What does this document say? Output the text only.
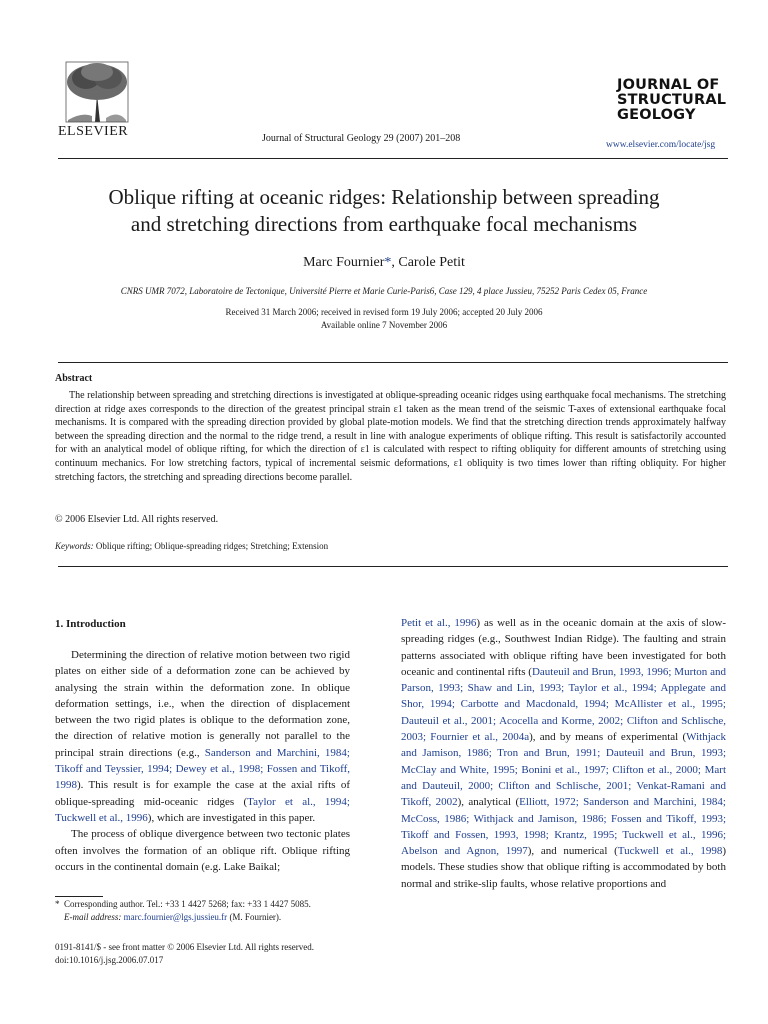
ELSEVIER	Journal of Structural Geology 29 (2007) 201–208
JOURNAL OF
STRUCTURAL
GEOLOGY
www.elsevier.com/locate/jsg
Oblique rifting at oceanic ridges: Relationship between spreading
and stretching directions from earthquake focal mechanisms
Marc Fournier*, Carole Petit
CNRS UMR 7072, Laboratoire de Tectonique, Université Pierre et Marie Curie-Paris6, Case 129, 4 place Jussieu, 75252 Paris Cedex 05, France
Received 31 March 2006; received in revised form 19 July 2006; accepted 20 July 2006
Available online 7 November 2006
Abstract

The relationship between spreading and stretching directions is investigated at oblique-spreading oceanic ridges using earthquake focal mechanisms. The stretching direction at ridge axes corresponds to the direction of the greatest principal strain ε1 taken as the mean trend of the seismic T-axes of extensional earthquake focal mechanisms. It is compared with the spreading direction provided by global plate-motion models. We find that the stretching direction trends approximately halfway between the spreading direction and the normal to the ridge trend, a result in line with analogue experiments of oblique rifting. This result is satisfactorily accounted for with an analytical model of oblique rifting, for which the direction of ε1 is calculated with respect to rifting obliquity for different amounts of stretching using continuum mechanics. For low stretching factors, typical of incremental seismic deformations, ε1 obliquity is two times lower than rifting obliquity. For higher stretching factors, the stretching and spreading directions become parallel.

© 2006 Elsevier Ltd. All rights reserved.
Keywords: Oblique rifting; Oblique-spreading ridges; Stretching; Extension
1. Introduction

Determining the direction of relative motion between two rigid plates on either side of a deformation zone can be achieved by analysing the strain within the deformation zone. In oblique deformation settings, i.e., when the direction of displacement between the two rigid plates is oblique to the deformation zone, the direction of relative motion is generally not parallel to the principal strain directions (e.g., Sanderson and Marchini, 1984; Tikoff and Teyssier, 1994; Dewey et al., 1998; Fossen and Tikoff, 1998). This result is for example the case at the axial rifts of oblique-spreading mid-oceanic ridges (Taylor et al., 1994; Tuckwell et al., 1996), which are investigated in this paper.

The process of oblique divergence between two tectonic plates often involves the formation of an oblique rift. Oblique rifting occurs in the continental domain (e.g. Lake Baikal;

Petit et al., 1996) as well as in the oceanic domain at the axis of slow-spreading ridges (e.g., Southwest Indian Ridge). The faulting and strain patterns associated with oblique rifting have been investigated for both oceanic and continental rifts (Dauteuil and Brun, 1993, 1996; Murton and Parson, 1993; Shaw and Lin, 1993; Taylor et al., 1994; Applegate and Shor, 1994; Carbotte and Macdonald, 1994; McAllister et al., 1995; Dauteuil et al., 2001; Acocella and Korme, 2002; Clifton and Schlische, 2003; Fournier et al., 2004a), and by means of experimental (Withjack and Jamison, 1986; Tron and Brun, 1991; Dauteuil and Brun, 1993; McClay and White, 1995; Bonini et al., 1997; Clifton et al., 2000; Mart and Dauteuil, 2000; Clifton and Schlische, 2001; Venkat-Ramani and Tikoff, 2002), analytical (Elliott, 1972; Sanderson and Marchini, 1984; McCoss, 1986; Withjack and Jamison, 1986; Fossen and Tikoff, 1993; Tikoff and Fossen, 1993, 1998; Krantz, 1995; Tuckwell et al., 1996; Abelson and Agnon, 1997), and numerical (Tuckwell et al., 1998) models. These studies show that oblique rifting is accommodated by both normal and strike-slip faults, whose relative proportions and

* Corresponding author. Tel.: +33 1 4427 5268; fax: +33 1 4427 5085.
E-mail address: marc.fournier@lgs.jussieu.fr (M. Fournier).
0191-8141/$ - see front matter © 2006 Elsevier Ltd. All rights reserved.
doi:10.1016/j.jsg.2006.07.017
